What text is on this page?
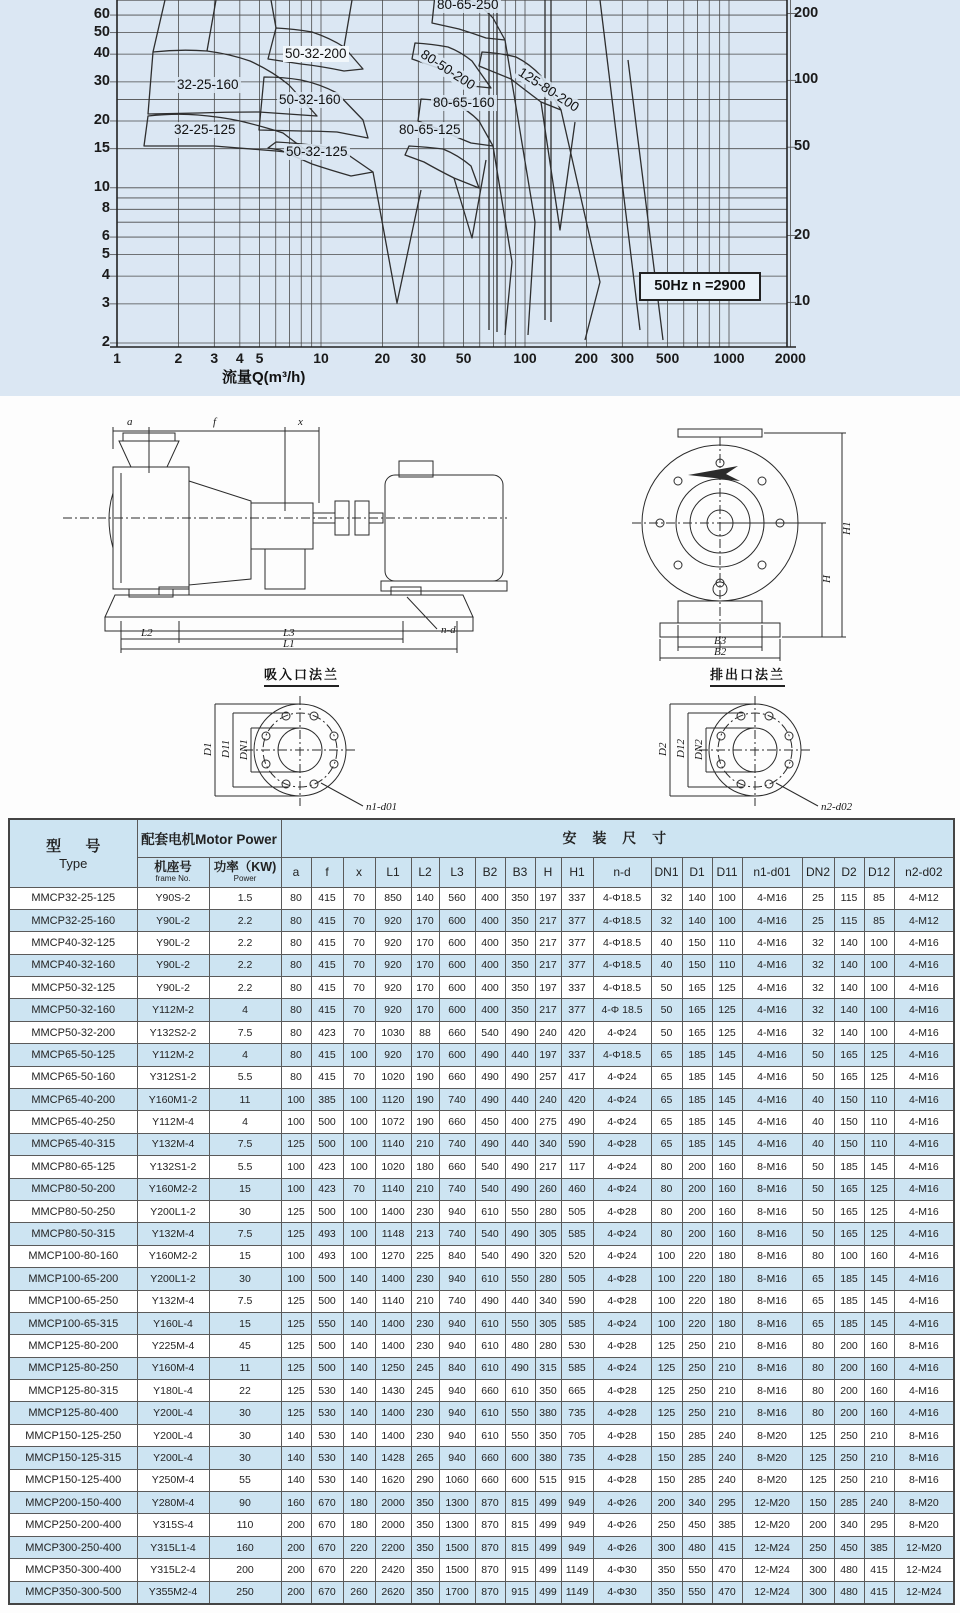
32-25-160
50-32-160	80-65-160
32-25-125	80-65-125
50-32-125
50-32-200	80-50-200	125-80-200
80-65-250
50Hz n =2900
流量Q(m³/h)
1	2	3	4 5	10	20	30	50	100	200 300	500	1000	2000
60
50
40
30
20
15
10
8
6
5
4
3
2
200
100
50
20
10
a	f	x
L2	L3
L1
n-d
H1
H
B3
B2
吸入口法兰
D1 D11 DN1
n1-d01
排出口法兰
D2 D12 DN2
n2-d02
型 号
Type	配套电机Motor Power		安 装 尺 寸																		

机座号
frame No.

功率（KW)
Power	a	f	x	L1	L2	L3	B2	B3	H	H1	n-d	DN1	D1	D11	n1-d01	DN2	D2	D12	n2-d02
MMCP32-25-125	Y90S-2	1.5	80	415	70	850	140	560	400	350	197	337	4-Φ18.5	32	140	100	4-M16	25	115	85	4-M12
MMCP32-25-160	Y90L-2	2.2	80	415	70	920	170	600	400	350	217	377	4-Φ18.5	32	140	100	4-M16	25	115	85	4-M12
MMCP40-32-125	Y90L-2	2.2	80	415	70	920	170	600	400	350	217	377	4-Φ18.5	40	150	110	4-M16	32	140	100	4-M16
MMCP40-32-160	Y90L-2	2.2	80	415	70	920	170	600	400	350	217	377	4-Φ18.5	40	150	110	4-M16	32	140	100	4-M16
MMCP50-32-125	Y90L-2	2.2	80	415	70	920	170	600	400	350	197	337	4-Φ18.5	50	165	125	4-M16	32	140	100	4-M16
MMCP50-32-160	Y112M-2	4	80	415	70	920	170	600	400	350	217	377	4-Φ 18.5	50	165	125	4-M16	32	140	100	4-M16
MMCP50-32-200	Y132S2-2	7.5	80	423	70	1030	88	660	540	490	240	420	4-Φ24	50	165	125	4-M16	32	140	100	4-M16
MMCP65-50-125	Y112M-2	4	80	415	100	920	170	600	490	440	197	337	4-Φ18.5	65	185	145	4-M16	50	165	125	4-M16
MMCP65-50-160	Y312S1-2	5.5	80	415	70	1020	190	660	490	490	257	417	4-Φ24	65	185	145	4-M16	50	165	125	4-M16
MMCP65-40-200	Y160M1-2	11	100	385	100	1120	190	740	490	440	240	420	4-Φ24	65	185	145	4-M16	40	150	110	4-M16
MMCP65-40-250	Y112M-4	4	100	500	100	1072	190	660	450	400	275	490	4-Φ24	65	185	145	4-M16	40	150	110	4-M16
MMCP65-40-315	Y132M-4	7.5	125	500	100	1140	210	740	490	440	340	590	4-Φ28	65	185	145	4-M16	40	150	110	4-M16
MMCP80-65-125	Y132S1-2	5.5	100	423	100	1020	180	660	540	490	217	117	4-Φ24	80	200	160	8-M16	50	185	145	4-M16
MMCP80-50-200	Y160M2-2	15	100	423	70	1140	210	740	540	490	260	460	4-Φ24	80	200	160	8-M16	50	165	125	4-M16
MMCP80-50-250	Y200L1-2	30	125	500	100	1400	230	940	610	550	280	505	4-Φ28	80	200	160	8-M16	50	165	125	4-M16
MMCP80-50-315	Y132M-4	7.5	125	493	100	1148	213	740	540	490	305	585	4-Φ24	80	200	160	8-M16	50	165	125	4-M16
MMCP100-80-160	Y160M2-2	15	100	493	100	1270	225	840	540	490	320	520	4-Φ24	100	220	180	8-M16	80	100	160	4-M16
MMCP100-65-200	Y200L1-2	30	100	500	140	1400	230	940	610	550	280	505	4-Φ28	100	220	180	8-M16	65	185	145	4-M16
MMCP100-65-250	Y132M-4	7.5	125	500	140	1140	210	740	490	440	340	590	4-Φ28	100	220	180	8-M16	65	185	145	4-M16
MMCP100-65-315	Y160L-4	15	125	550	140	1400	230	940	610	550	305	585	4-Φ24	100	220	180	8-M16	65	185	145	4-M16
MMCP125-80-200	Y225M-4	45	125	500	140	1400	230	940	610	480	280	530	4-Φ28	125	250	210	8-M16	80	200	160	8-M16
MMCP125-80-250	Y160M-4	11	125	500	140	1250	245	840	610	490	315	585	4-Φ24	125	250	210	8-M16	80	200	160	4-M16
MMCP125-80-315	Y180L-4	22	125	530	140	1430	245	940	660	610	350	665	4-Φ28	125	250	210	8-M16	80	200	160	4-M16
MMCP125-80-400	Y200L-4	30	125	530	140	1400	230	940	610	550	380	735	4-Φ28	125	250	210	8-M16	80	200	160	4-M16
MMCP150-125-250	Y200L-4	30	140	530	140	1400	230	940	610	550	350	705	4-Φ28	150	285	240	8-M20	125	250	210	8-M16
MMCP150-125-315	Y200L-4	30	140	530	140	1428	265	940	660	600	380	735	4-Φ28	150	285	240	8-M20	125	250	210	8-M16
MMCP150-125-400	Y250M-4	55	140	530	140	1620	290	1060	660	600	515	915	4-Φ28	150	285	240	8-M20	125	250	210	8-M16
MMCP200-150-400	Y280M-4	90	160	670	180	2000	350	1300	870	815	499	949	4-Φ26	200	340	295	12-M20	150	285	240	8-M20
MMCP250-200-400	Y315S-4	110	200	670	180	2000	350	1300	870	815	499	949	4-Φ26	250	450	385	12-M20	200	340	295	8-M20
MMCP300-250-400	Y315L1-4	160	200	670	220	2200	350	1500	870	815	499	949	4-Φ26	300	480	415	12-M24	250	450	385	12-M20
MMCP350-300-400	Y315L2-4	200	200	670	220	2420	350	1500	870	915	499	1149	4-Φ30	350	550	470	12-M24	300	480	415	12-M24
MMCP350-300-500	Y355M2-4	250	200	670	260	2620	350	1700	870	915	499	1149	4-Φ30	350	550	470	12-M24	300	480	415	12-M24
